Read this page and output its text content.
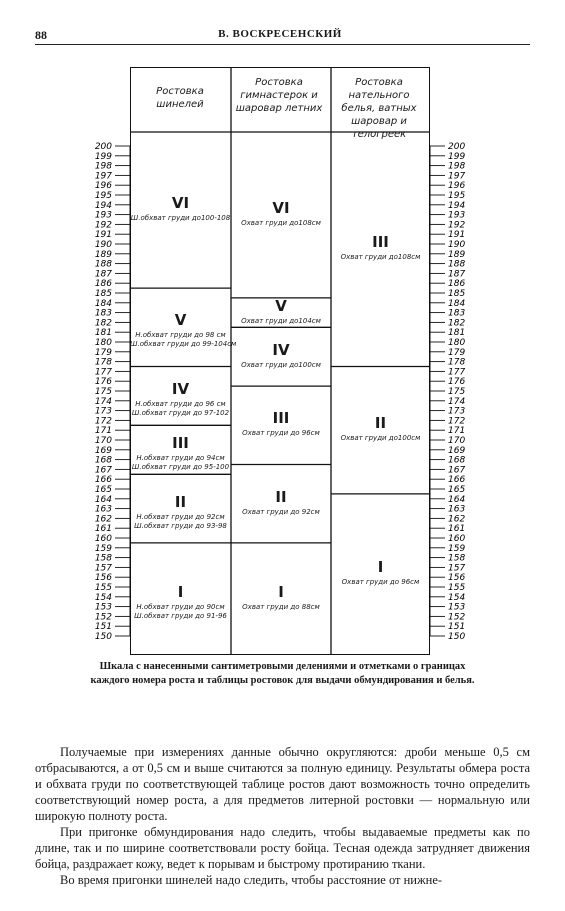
88	В. ВОСКРЕСЕНСКИЙ
150	150
151	151
152	152
153	153
154	154
155	155
156	156
157	157
158	158
159	159
160	160
161	161
162	162
163	163
164	164
165	165
166	166
167	167
168	168
169	169
170	170
171	171
172	172
173	173
174	174
175	175
176	176
177	177
178	178
179	179
180	180
181	181
182	182
183	183
184	184
185	185
186	186
187	187
188	188
189	189
190	190
191	191
192	192
193	193
194	194
195	195
196	196
197	197
198	198
199	199
200	200
Ростовка шинелей
Ростовка гимнастерок и шаровар летних
Ростовка нательного белья, ватных шаровар и телогреек
VI
Ш.обхват груди до100-108
V
Н.обхват груди до 98 см
Ш.обхват груди до 99-104см
IV
Н.обхват груди до 96 см
Ш.обхват груди до 97-102
III
Н.обхват груди до 94см
Ш.обхват груди до 95-100
II
Н.обхват груди до 92см
Ш.обхват груди до 93-98
I
Н.обхват груди до 90см
Ш.обхват груди до 91-96
VI
Охват груди до108см
V
Охват груди до104см
IV
Охват груди до100см
III
Охват груди до 96см
II
Охват груди до 92см
I
Охват груди до 88см
III
Охват груди до108см
II
Охват груди до100см
I
Охват груди до 96см
Шкала с нанесенными сантиметровыми делениями и отметками о границах каждого номера роста и таблицы ростовок для выдачи обмундирования и белья.

Получаемые при измерениях данные обычно округляются: дроби меньше 0,5 см отбрасываются, а от 0,5 см и выше считаются за полную единицу. Результаты обмера роста и обхвата груди по соответствующей таблице ростов дают возможность точно определить соответствующий номер роста, а для предметов литерной ростовки — нормальную или широкую полноту роста.

При пригонке обмундирования надо следить, чтобы выдаваемые предметы как по длине, так и по ширине соответствовали росту бойца. Тесная одежда затрудняет движения бойца, раздражает кожу, ведет к порывам и быстрому протиранию ткани.

Во время пригонки шинелей надо следить, чтобы расстояние от нижне-
